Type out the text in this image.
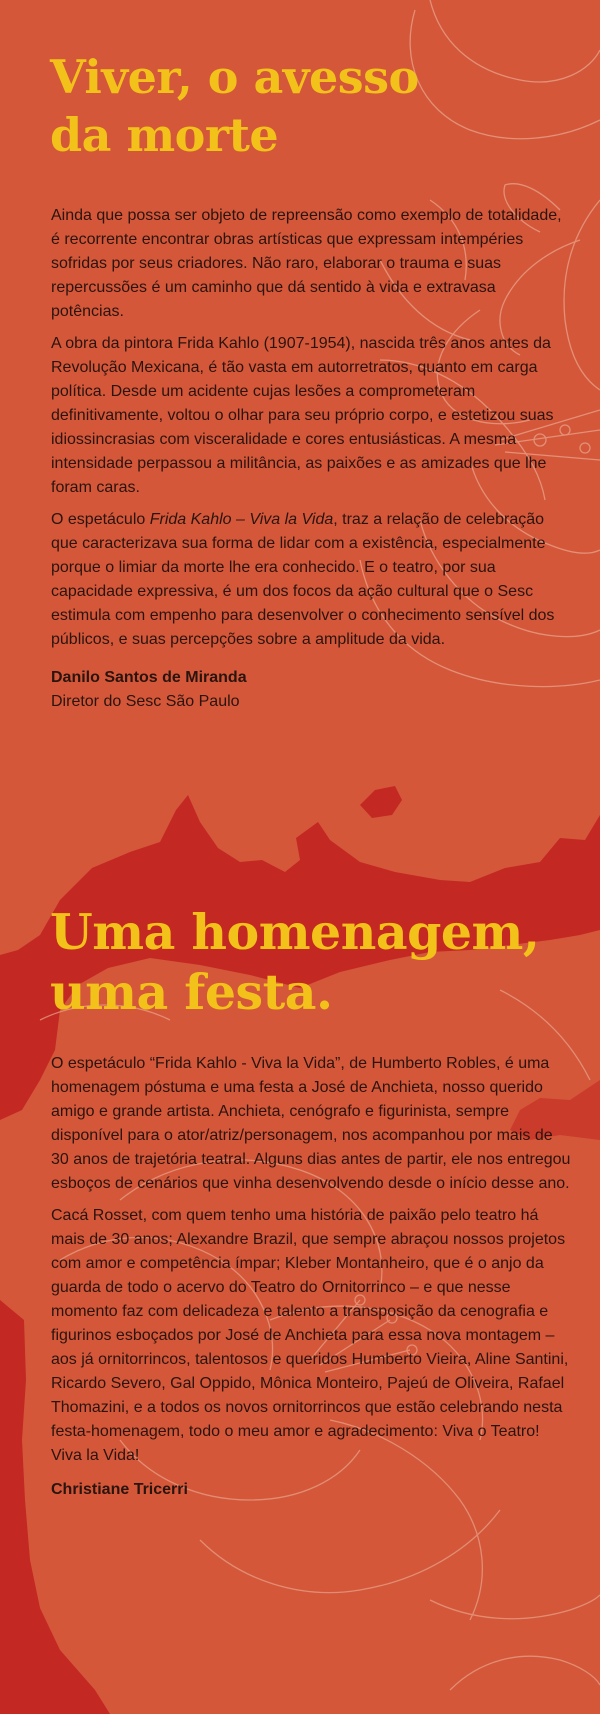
Viver, o avesso
da morte

Ainda que possa ser objeto de repreensão como exemplo de totalidade, é recorrente encontrar obras artísticas que expressam intempéries sofridas por seus criadores. Não raro, elaborar o trauma e suas repercussões é um caminho que dá sentido à vida e extravasa potências.

A obra da pintora Frida Kahlo (1907-1954), nascida três anos antes da Revolução Mexicana, é tão vasta em autorretratos, quanto em carga política. Desde um acidente cujas lesões a comprometeram definitivamente, voltou o olhar para seu próprio corpo, e estetizou suas idiossincrasias com visceralidade e cores entusiásticas. A mesma intensidade perpassou a militância, as paixões e as amizades que lhe foram caras.

O espetáculo Frida Kahlo – Viva la Vida, traz a relação de celebração que caracterizava sua forma de lidar com a existência, especialmente porque o limiar da morte lhe era conhecido. E o teatro, por sua capacidade expressiva, é um dos focos da ação cultural que o Sesc estimula com empenho para desenvolver o conhecimento sensível dos públicos, e suas percepções sobre a amplitude da vida.

Danilo Santos de Miranda
Diretor do Sesc São Paulo
Uma homenagem,
uma festa.

O espetáculo “Frida Kahlo - Viva la Vida”, de Humberto Robles, é uma homenagem póstuma e uma festa a José de Anchieta, nosso querido amigo e grande artista. Anchieta, cenógrafo e figurinista, sempre disponível para o ator/atriz/personagem, nos acompanhou por mais de 30 anos de trajetória teatral. Alguns dias antes de partir, ele nos entregou esboços de cenários que vinha desenvolvendo desde o início desse ano.

Cacá Rosset, com quem tenho uma história de paixão pelo teatro há mais de 30 anos; Alexandre Brazil, que sempre abraçou nossos projetos com amor e competência ímpar; Kleber Montanheiro, que é o anjo da guarda de todo o acervo do Teatro do Ornitorrinco – e que nesse momento faz com delicadeza e talento a transposição da cenografia e figurinos esboçados por José de Anchieta para essa nova montagem – aos já ornitorrincos, talentosos e queridos Humberto Vieira, Aline Santini, Ricardo Severo, Gal Oppido, Mônica Monteiro, Pajeú de Oliveira, Rafael Thomazini, e a todos os novos ornitorrincos que estão celebrando nesta festa-homenagem, todo o meu amor e agradecimento: Viva o Teatro! Viva la Vida!

Christiane Tricerri
